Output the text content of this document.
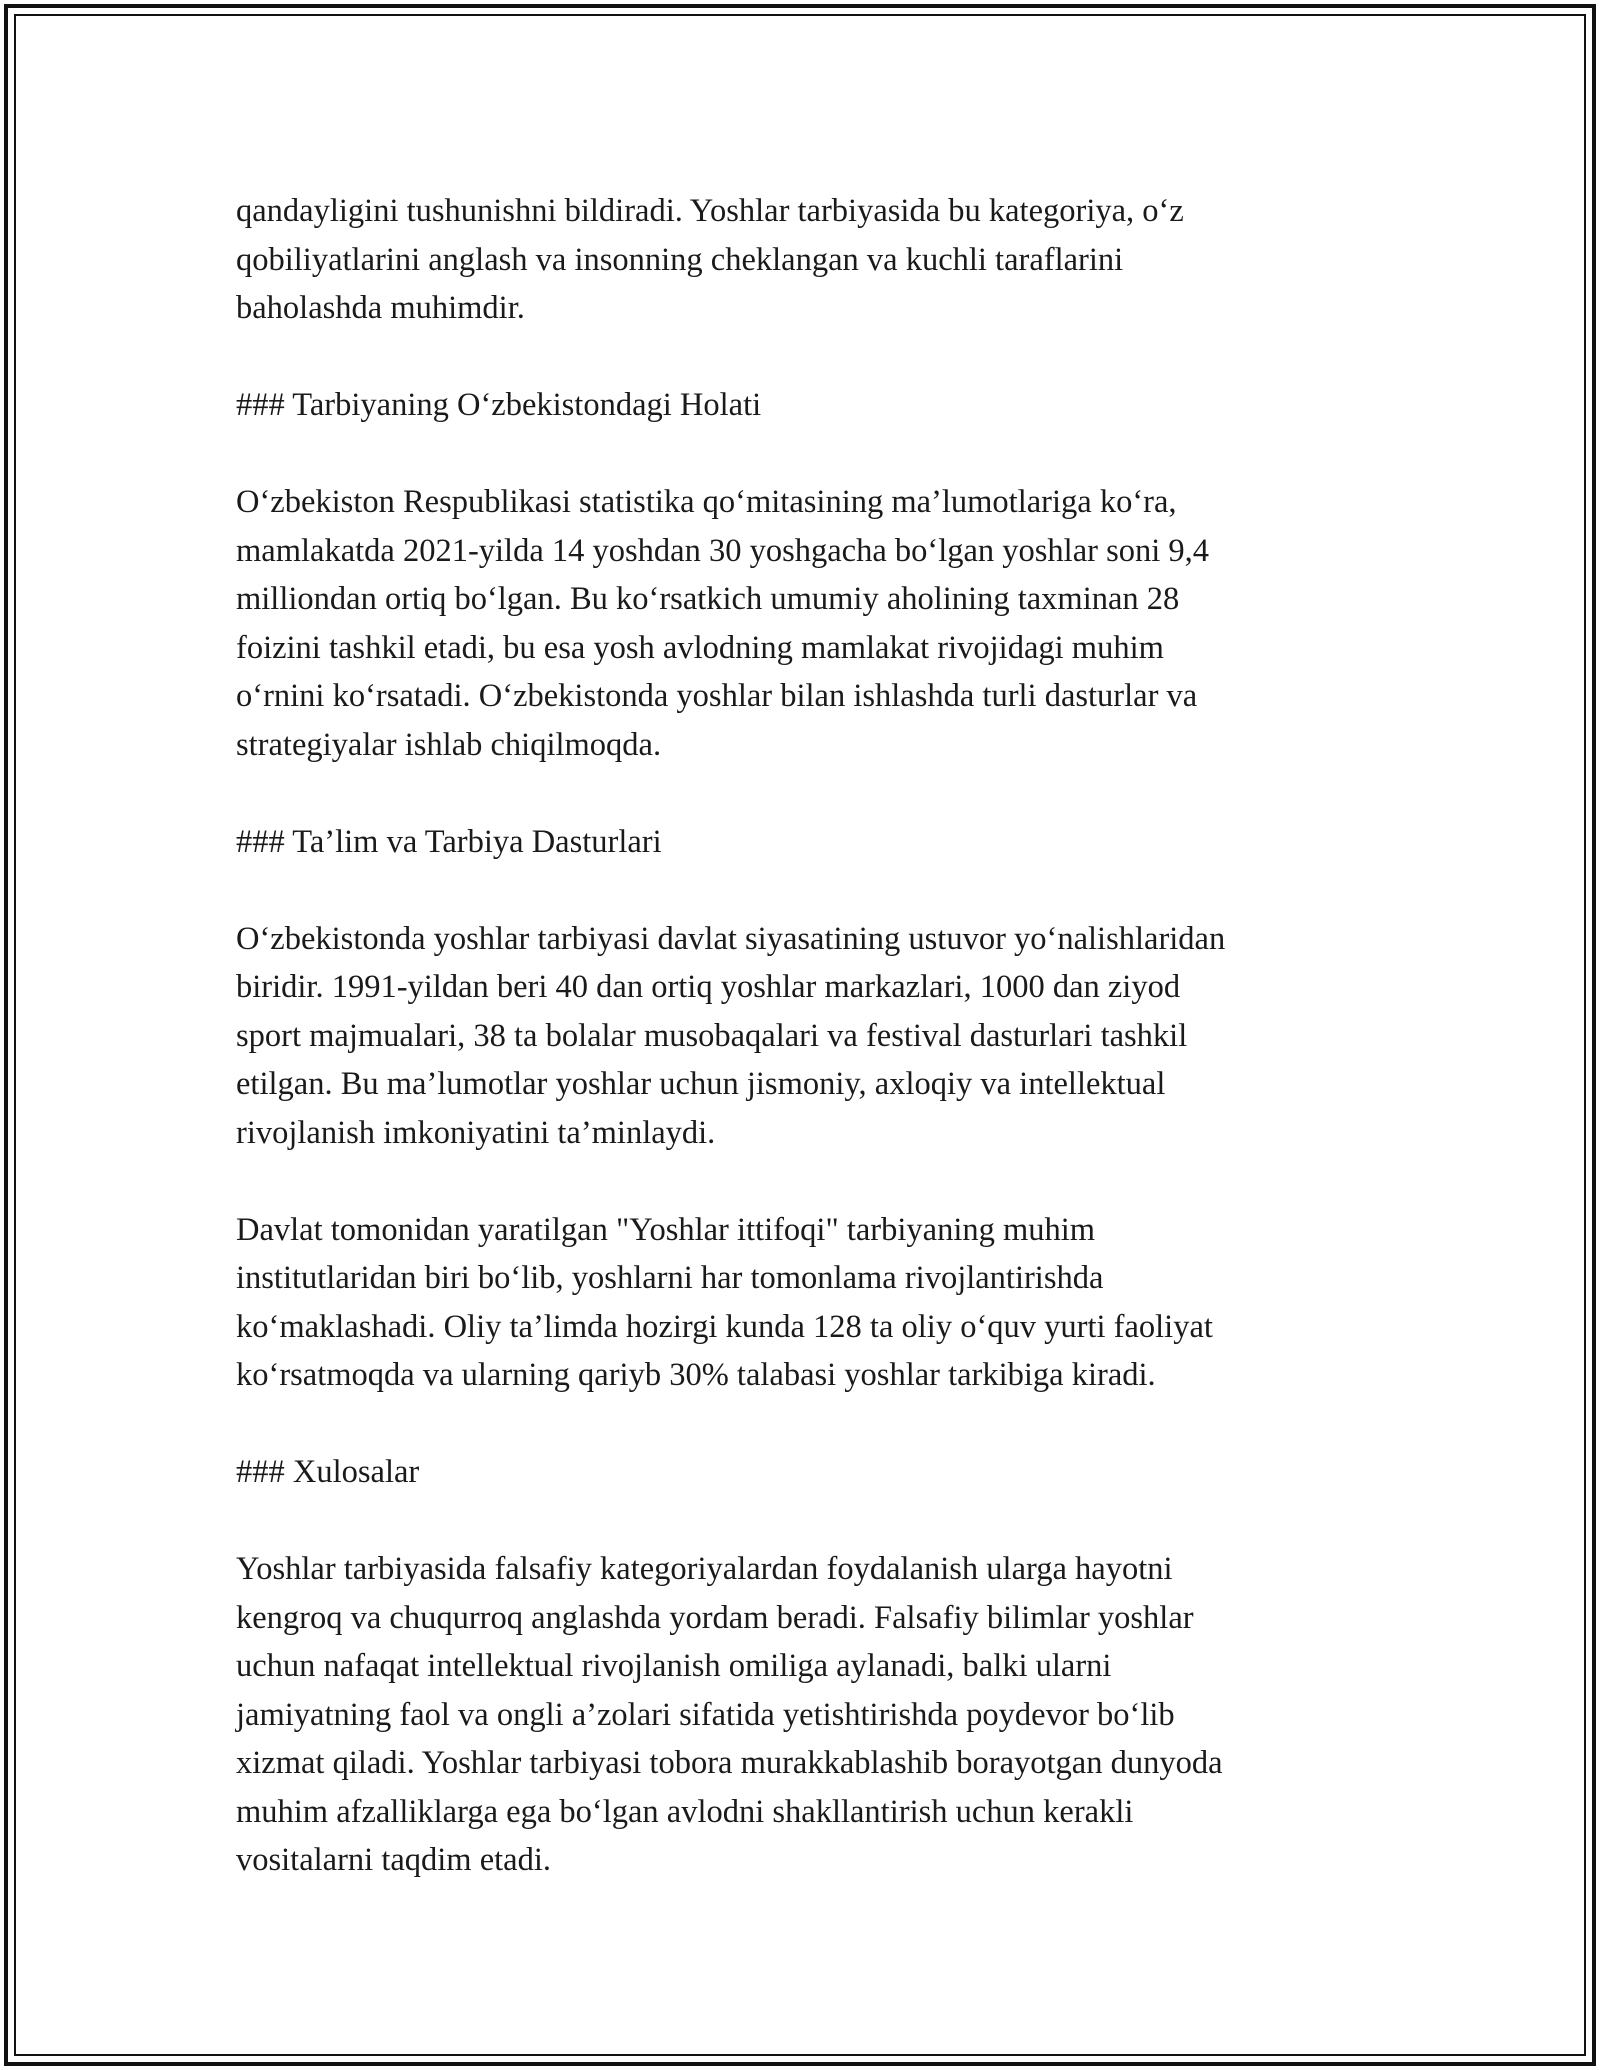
qandayligini tushunishni bildiradi. Yoshlar tarbiyasida bu kategoriya, o‘z
qobiliyatlarini anglash va insonning cheklangan va kuchli taraflarini
baholashda muhimdir.

### Tarbiyaning O‘zbekistondagi Holati

O‘zbekiston Respublikasi statistika qo‘mitasining ma’lumotlariga ko‘ra,
mamlakatda 2021-yilda 14 yoshdan 30 yoshgacha bo‘lgan yoshlar soni 9,4
milliondan ortiq bo‘lgan. Bu ko‘rsatkich umumiy aholining taxminan 28
foizini tashkil etadi, bu esa yosh avlodning mamlakat rivojidagi muhim
o‘rnini ko‘rsatadi. O‘zbekistonda yoshlar bilan ishlashda turli dasturlar va
strategiyalar ishlab chiqilmoqda.

### Ta’lim va Tarbiya Dasturlari

O‘zbekistonda yoshlar tarbiyasi davlat siyasatining ustuvor yo‘nalishlaridan
biridir. 1991-yildan beri 40 dan ortiq yoshlar markazlari, 1000 dan ziyod
sport majmualari, 38 ta bolalar musobaqalari va festival dasturlari tashkil
etilgan. Bu ma’lumotlar yoshlar uchun jismoniy, axloqiy va intellektual
rivojlanish imkoniyatini ta’minlaydi.

Davlat tomonidan yaratilgan "Yoshlar ittifoqi" tarbiyaning muhim
institutlaridan biri bo‘lib, yoshlarni har tomonlama rivojlantirishda
ko‘maklashadi. Oliy ta’limda hozirgi kunda 128 ta oliy o‘quv yurti faoliyat
ko‘rsatmoqda va ularning qariyb 30% talabasi yoshlar tarkibiga kiradi.

### Xulosalar

Yoshlar tarbiyasida falsafiy kategoriyalardan foydalanish ularga hayotni
kengroq va chuqurroq anglashda yordam beradi. Falsafiy bilimlar yoshlar
uchun nafaqat intellektual rivojlanish omiliga aylanadi, balki ularni
jamiyatning faol va ongli a’zolari sifatida yetishtirishda poydevor bo‘lib
xizmat qiladi. Yoshlar tarbiyasi tobora murakkablashib borayotgan dunyoda
muhim afzalliklarga ega bo‘lgan avlodni shakllantirish uchun kerakli
vositalarni taqdim etadi.
